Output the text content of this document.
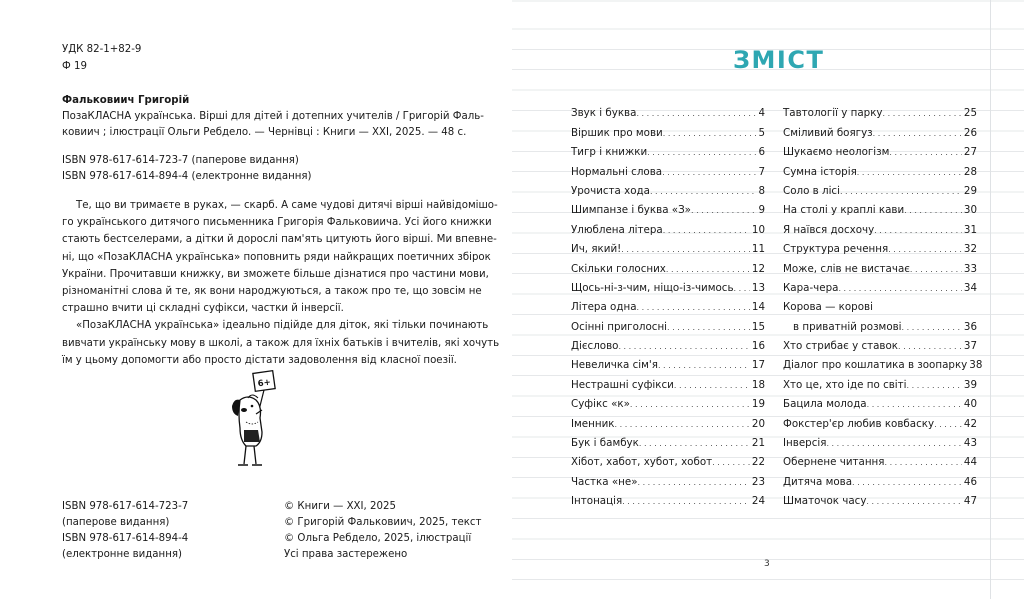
УДК 82-1+82-9
Ф 19
Фальковиич Григорій
ПозаКЛАСНА українська. Вірші для дітей і дотепних учителів / Григорій Фаль-
ковиич ; ілюстрації Ольги Ребдело. — Чернівці : Книги — XXI, 2025. — 48 с.
ISBN 978-617-614-723-7 (паперове видання)
ISBN 978-617-614-894-4 (електронне видання)
Те, що ви тримаєте в руках, — скарб. А саме чудові дитячі вірші найвідомішо-
го українського дитячого письменника Григорія Фальковиича. Усі його книжки
стають бестселерами, а дітки й дорослі пам'ять цитують його вірші. Ми впевне-
ні, що «ПозаКЛАСНА українська» поповнить ряди найкращих поетичних збірок
України. Прочитавши книжку, ви зможете більше дізнатися про частини мови,
різноманітні слова й те, як вони народжуються, а також про те, що зовсім не
страшно вчити ці складні суфікси, частки й інверсії.
«ПозаКЛАСНА українська» ідеально підійде для діток, які тільки починають
вивчати українську мову в школі, а також для їхніх батьків і вчителів, які хочуть
їм у цьому допомогти або просто дістати задоволення від класної поезії.
6+
ISBN 978-617-614-723-7
(паперове видання)
ISBN 978-617-614-894-4
(електронне видання)
© Книги — XXI, 2025
© Григорій Фальковиич, 2025, текст
© Ольга Ребдело, 2025, ілюстрації
Усі права застережено
ЗМІСТ
Звук і буква . . .	4
Віршик про мови . . .	5
Тигр і книжки . . .	6
Нормальні слова . . .	7
Урочиста хода . . .	8
Шимпанзе і буква «З» . . .	9
Улюблена літера . . .	10
Ич, який! . . .	11
Скільки голосних . . .	12
Щось-ні-з-чим, ніщо-із-чимось . . . 13
Літера одна . . .	14
Осінні приголосні . . .	15
Дієслово . . .	16
Невеличка сім'я . . .	17
Нестрашні суфікси . . .	18
Суфікс «к» . . .	19
Іменник . . .	20
Бук і бамбук . . .	21
Хібот, хабот, хубот, хобот . . .	22
Частка «не» . . .	23
Інтонація . . .	24
Тавтології у парку . . .	25
Сміливий боягуз . . .	26
Шукаємо неологізм . . .	27
Сумна історія . . .	28
Соло в лісі . . .	29
На столі у краплі кави . . .	30
Я наївся досхочу . . .	31
Структура речення . . .	32
Може, слів не вистачає . . .	33
Кара-чера . . .	34
Корова — корові
в приватній розмові . . .	36
Хто стрибає у ставок . . .	37
Діалог про кошлатика в зоопарку 38
Хто це, хто іде по світі . . .	39
Бацила молода . . .	40
Фокстер'єр любив ковбаску . . .	42
Інверсія . . .	43
Обернене читання . . .	44
Дитяча мова . . .	46
Шматочок часу . . .	47
3
